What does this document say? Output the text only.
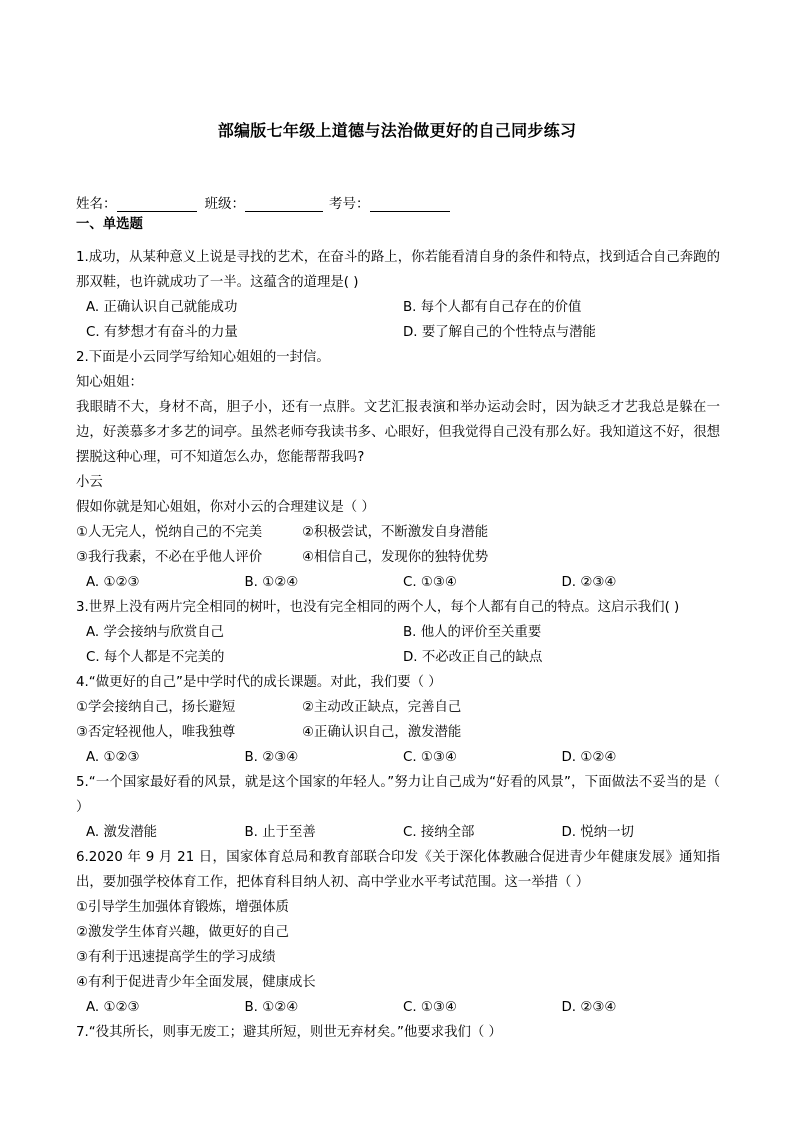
部编版七年级上道德与法治做更好的自己同步练习
姓名：	班级：	考号：

一、单选题

1.成功，从某种意义上说是寻找的艺术，在奋斗的路上，你若能看清自身的条件和特点，找到适合自己奔跑的那双鞋，也许就成功了一半。这蕴含的道理是( )

A. 正确认识自己就能成功	B. 每个人都有自己存在的价值
C. 有梦想才有奋斗的力量	D. 要了解自己的个性特点与潜能

2.下面是小云同学写给知心姐姐的一封信。

知心姐姐：

我眼睛不大，身材不高，胆子小，还有一点胖。文艺汇报表演和举办运动会时，因为缺乏才艺我总是躲在一边，好羡慕多才多艺的词亭。虽然老师夸我读书多、心眼好，但我觉得自己没有那么好。我知道这不好，很想摆脱这种心理，可不知道怎么办，您能帮帮我吗?

小云

假如你就是知心姐姐，你对小云的合理建议是（ ）

①人无完人，悦纳自己的不完美	②积极尝试，不断激发自身潜能
③我行我素，不必在乎他人评价	④相信自己，发现你的独特优势
A. ①②③	B. ①②④	C. ①③④	D. ②③④

3.世界上没有两片完全相同的树叶，也没有完全相同的两个人，每个人都有自己的特点。这启示我们( )

A. 学会接纳与欣赏自己	B. 他人的评价至关重要
C. 每个人都是不完美的	D. 不必改正自己的缺点

4.“做更好的自己”是中学时代的成长课题。对此，我们要（ ）

①学会接纳自己，扬长避短	②主动改正缺点，完善自己
③否定轻视他人，唯我独尊	④正确认识自己，激发潜能
A. ①②③	B. ②③④	C. ①③④	D. ①②④

5.“一个国家最好看的风景，就是这个国家的年轻人。”努力让自己成为“好看的风景”，下面做法不妥当的是（ ）

A. 激发潜能	B. 止于至善	C. 接纳全部	D. 悦纳一切

6.2020 年 9 月 21 日，国家体育总局和教育部联合印发《关于深化体教融合促进青少年健康发展》通知指出，要加强学校体育工作，把体育科目纳人初、高中学业水平考试范围。这一举措（ ）

①引导学生加强体育锻炼，增强体质

②激发学生体育兴趣，做更好的自己

③有利于迅速提高学生的学习成绩

④有利于促进青少年全面发展，健康成长

A. ①②③	B. ①②④	C. ①③④	D. ②③④

7.“役其所长，则事无废工；避其所短，则世无弃材矣。”他要求我们（ ）
